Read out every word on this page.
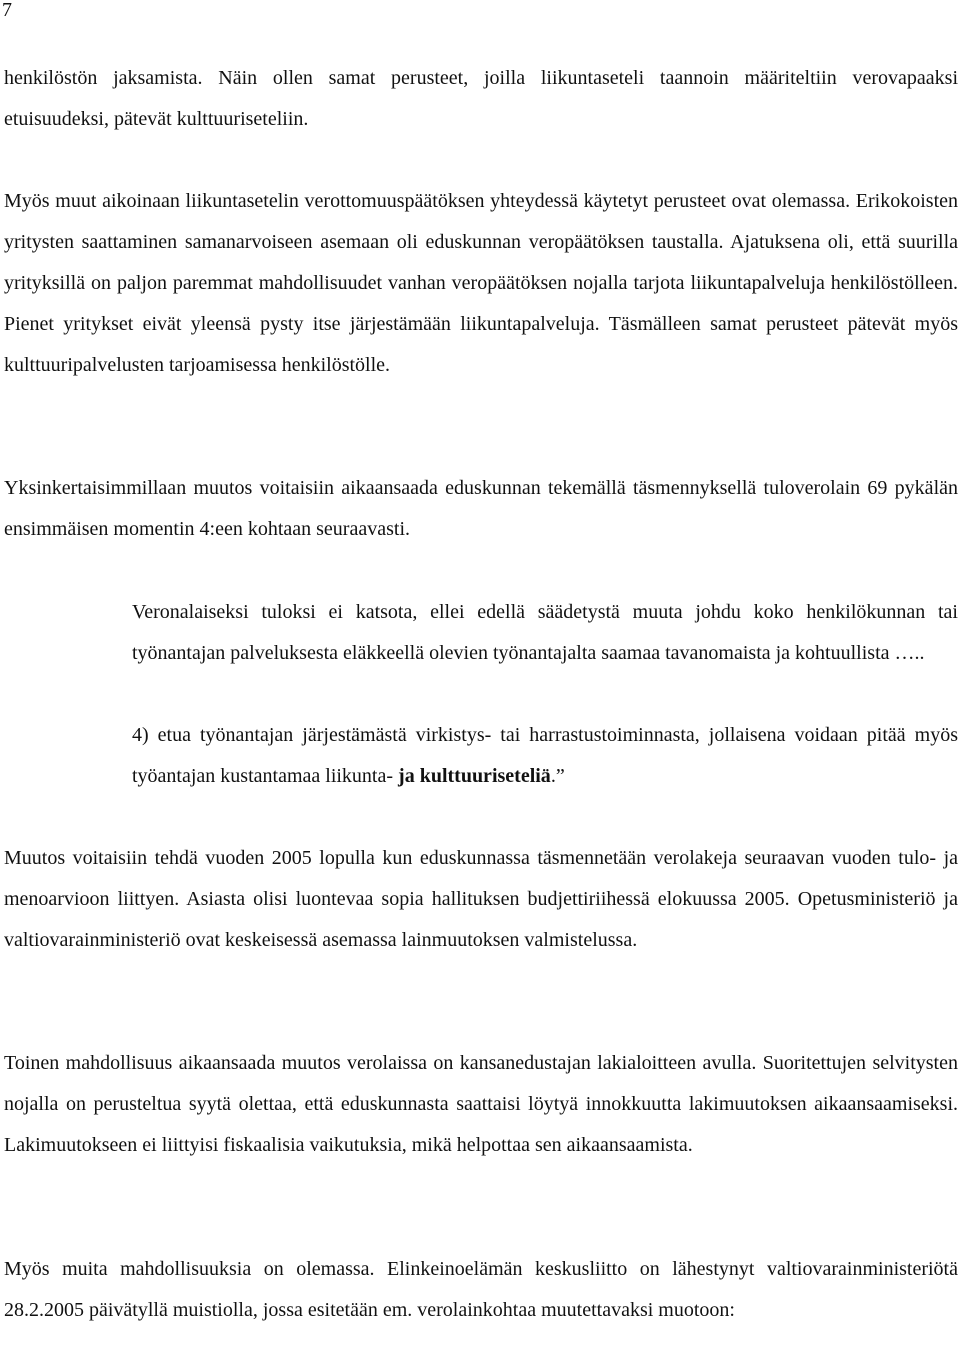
7

henkilöstön jaksamista. Näin ollen samat perusteet, joilla liikuntaseteli taannoin määriteltiin verovapaaksi etuisuudeksi, pätevät kulttuuriseteliin.

Myös muut aikoinaan liikuntasetelin verottomuuspäätöksen yhteydessä käytetyt perusteet ovat olemassa. Erikokoisten yritysten saattaminen samanarvoiseen asemaan oli eduskunnan veropäätöksen taustalla. Ajatuksena oli, että suurilla yrityksillä on paljon paremmat mahdollisuudet vanhan veropäätöksen nojalla tarjota liikuntapalveluja henkilöstölleen. Pienet yritykset eivät yleensä pysty itse järjestämään liikuntapalveluja. Täsmälleen samat perusteet pätevät myös kulttuuripalvelusten tarjoamisessa henkilöstölle.

Yksinkertaisimmillaan muutos voitaisiin aikaansaada eduskunnan tekemällä täsmennyksellä tuloverolain 69 pykälän ensimmäisen momentin 4:een kohtaan seuraavasti.

Veronalaiseksi tuloksi ei katsota, ellei edellä säädetystä muuta johdu koko henkilökunnan tai työnantajan palveluksesta eläkkeellä olevien työnantajalta saamaa tavanomaista ja kohtuullista …..

4) etua työnantajan järjestämästä virkistys- tai harrastustoiminnasta, jollaisena voidaan pitää myös työantajan kustantamaa liikunta- ja kulttuuriseteliä.”

Muutos voitaisiin tehdä vuoden 2005 lopulla kun eduskunnassa täsmennetään verolakeja seuraavan vuoden tulo- ja menoarvioon liittyen. Asiasta olisi luontevaa sopia hallituksen budjettiriihessä elokuussa 2005. Opetusministeriö ja valtiovarainministeriö ovat keskeisessä asemassa lainmuutoksen valmistelussa.

Toinen mahdollisuus aikaansaada muutos verolaissa on kansanedustajan lakialoitteen avulla. Suoritettujen selvitysten nojalla on perusteltua syytä olettaa, että eduskunnasta saattaisi löytyä innokkuutta lakimuutoksen aikaansaamiseksi. Lakimuutokseen ei liittyisi fiskaalisia vaikutuksia, mikä helpottaa sen aikaansaamista.

Myös muita mahdollisuuksia on olemassa. Elinkeinoelämän keskusliitto on lähestynyt valtiovarainministeriötä 28.2.2005 päivätyllä muistiolla, jossa esitetään em. verolainkohtaa muutettavaksi muotoon:
